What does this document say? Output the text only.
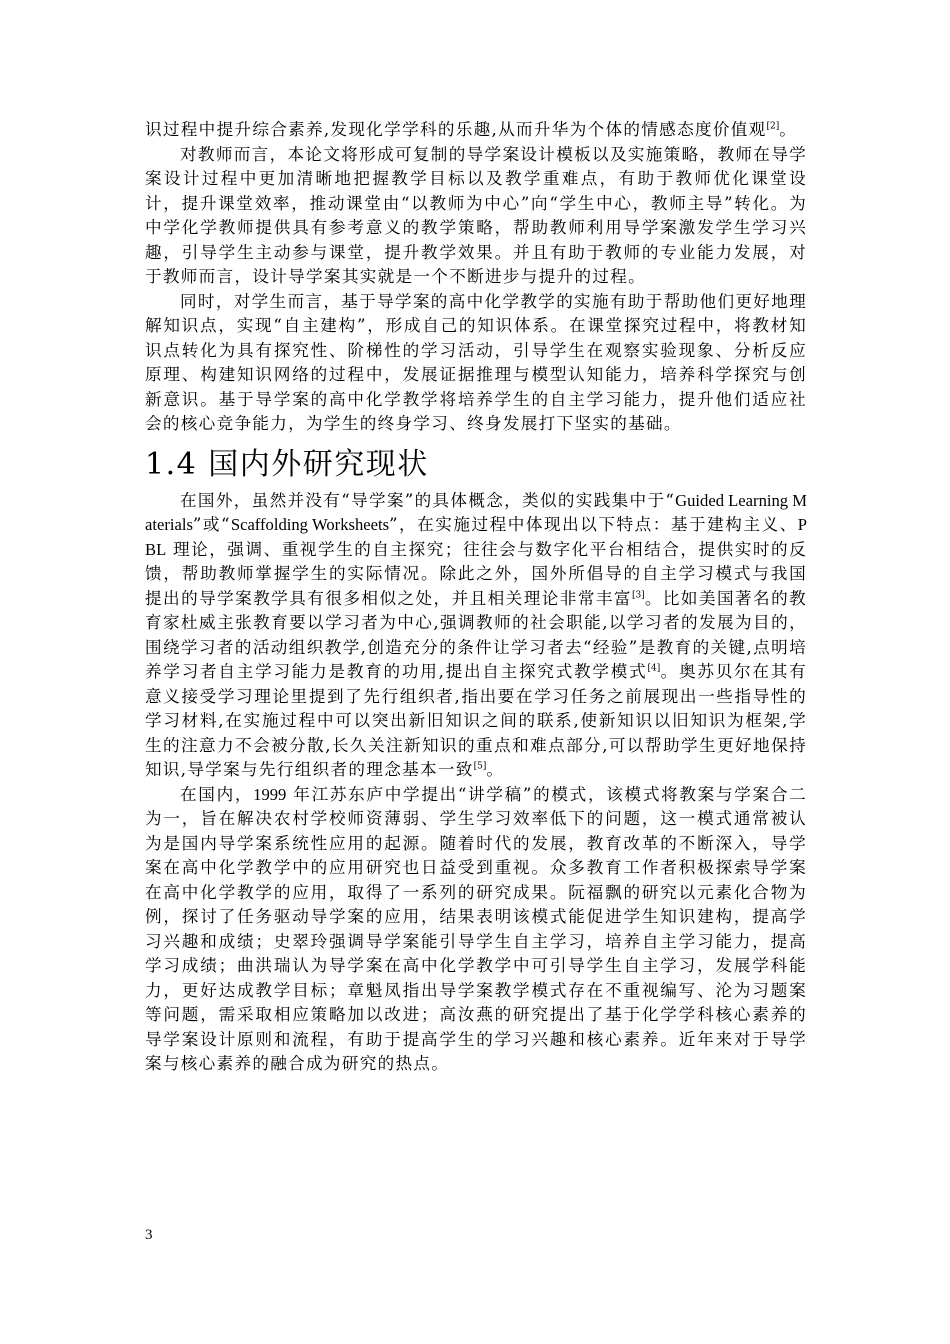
识过程中提升综合素养,发现化学学科的乐趣,从而升华为个体的情感态度价值观[2]。

对教师而言，本论文将形成可复制的导学案设计模板以及实施策略，教师在导学案设计过程中更加清晰地把握教学目标以及教学重难点，有助于教师优化课堂设计，提升课堂效率，推动课堂由“以教师为中心”向“学生中心，教师主导”转化。为中学化学教师提供具有参考意义的教学策略，帮助教师利用导学案激发学生学习兴趣，引导学生主动参与课堂，提升教学效果。并且有助于教师的专业能力发展，对于教师而言，设计导学案其实就是一个不断进步与提升的过程。

同时，对学生而言，基于导学案的高中化学教学的实施有助于帮助他们更好地理解知识点，实现“自主建构”，形成自己的知识体系。在课堂探究过程中，将教材知识点转化为具有探究性、阶梯性的学习活动，引导学生在观察实验现象、分析反应原理、构建知识网络的过程中，发展证据推理与模型认知能力，培养科学探究与创新意识。基于导学案的高中化学教学将培养学生的自主学习能力，提升他们适应社会的核心竞争能力，为学生的终身学习、终身发展打下坚实的基础。

1.4 国内外研究现状

在国外，虽然并没有“导学案”的具体概念，类似的实践集中于“Guided Learning Materials”或“Scaffolding Worksheets”，在实施过程中体现出以下特点：基于建构主义、PBL 理论，强调、重视学生的自主探究；往往会与数字化平台相结合，提供实时的反馈，帮助教师掌握学生的实际情况。除此之外，国外所倡导的自主学习模式与我国提出的导学案教学具有很多相似之处，并且相关理论非常丰富[3]。比如美国著名的教育家杜威主张教育要以学习者为中心,强调教师的社会职能,以学习者的发展为目的，围绕学习者的活动组织教学,创造充分的条件让学习者去“经验”是教育的关键,点明培养学习者自主学习能力是教育的功用,提出自主探究式教学模式[4]。奥苏贝尔在其有意义接受学习理论里提到了先行组织者,指出要在学习任务之前展现出一些指导性的学习材料,在实施过程中可以突出新旧知识之间的联系,使新知识以旧知识为框架,学生的注意力不会被分散,长久关注新知识的重点和难点部分,可以帮助学生更好地保持知识,导学案与先行组织者的理念基本一致[5]。

在国内，1999 年江苏东庐中学提出“讲学稿”的模式，该模式将教案与学案合二为一，旨在解决农村学校师资薄弱、学生学习效率低下的问题，这一模式通常被认为是国内导学案系统性应用的起源。随着时代的发展，教育改革的不断深入，导学案在高中化学教学中的应用研究也日益受到重视。众多教育工作者积极探索导学案在高中化学教学的应用，取得了一系列的研究成果。阮福飘的研究以元素化合物为例，探讨了任务驱动导学案的应用，结果表明该模式能促进学生知识建构，提高学习兴趣和成绩；史翠玲强调导学案能引导学生自主学习，培养自主学习能力，提高学习成绩；曲洪瑞认为导学案在高中化学教学中可引导学生自主学习，发展学科能力，更好达成教学目标；章魁凤指出导学案教学模式存在不重视编写、沦为习题案等问题，需采取相应策略加以改进；高汝燕的研究提出了基于化学学科核心素养的导学案设计原则和流程，有助于提高学生的学习兴趣和核心素养。近年来对于导学案与核心素养的融合成为研究的热点。

3
